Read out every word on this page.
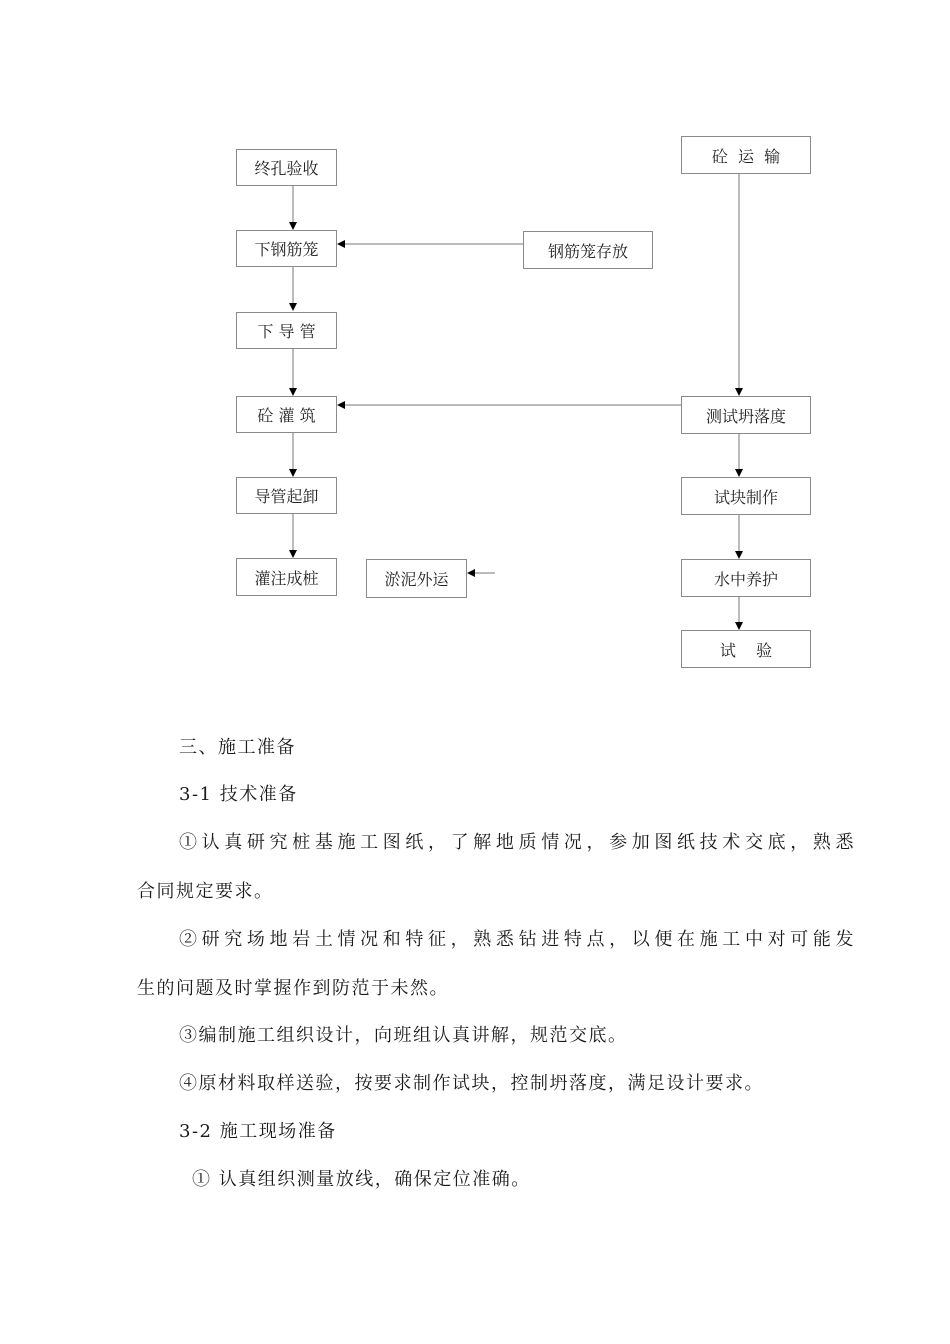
终孔验收
下钢筋笼
下 导 管
砼 灌 筑
导管起卸
灌注成桩
钢筋笼存放
淤泥外运
砼  运  输
测试坍落度
试块制作
水中养护
试    验

三、施工准备

3-1 技术准备

①认真研究桩基施工图纸，了解地质情况，参加图纸技术交底，熟悉

合同规定要求。

②研究场地岩土情况和特征，熟悉钻进特点，以便在施工中对可能发

生的问题及时掌握作到防范于未然。

③编制施工组织设计，向班组认真讲解，规范交底。

④原材料取样送验，按要求制作试块，控制坍落度，满足设计要求。

3-2 施工现场准备

① 认真组织测量放线，确保定位准确。
